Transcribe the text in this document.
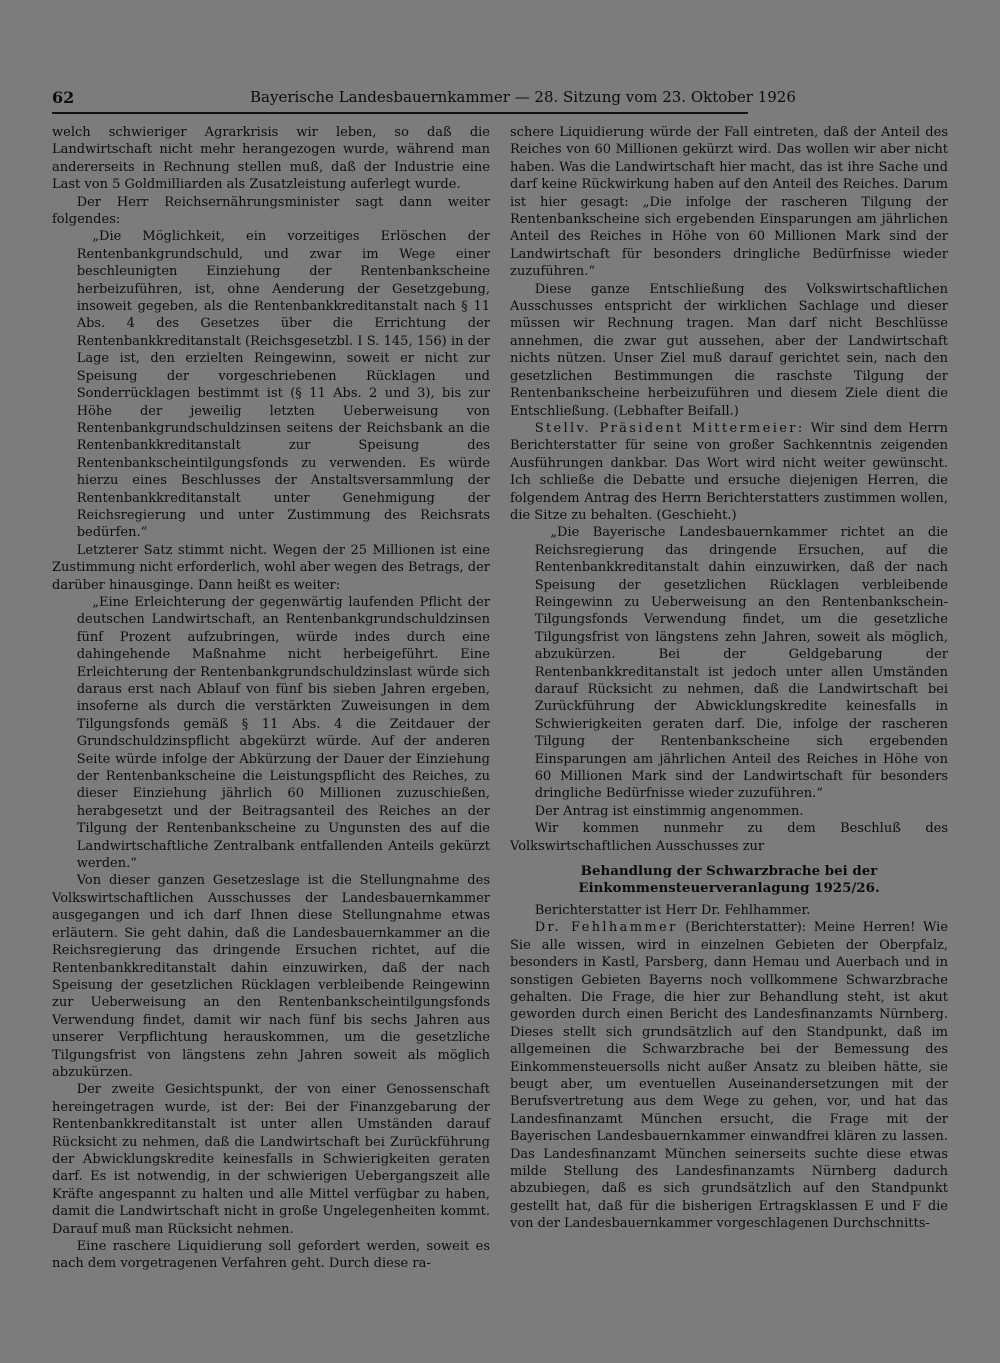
62	Bayerische Landesbauernkammer — 28. Sitzung vom 23. Oktober 1926

welch schwieriger Agrarkrisis wir leben, so daß die Landwirtschaft nicht mehr herangezogen wurde, während man andererseits in Rechnung stellen muß, daß der Industrie eine Last von 5 Goldmilliarden als Zusatzleistung auferlegt wurde.

Der Herr Reichsernährungsminister sagt dann weiter folgendes:

„Die Möglichkeit, ein vorzeitiges Erlöschen der Rentenbankgrundschuld, und zwar im Wege einer beschleunigten Einziehung der Rentenbankscheine herbeizuführen, ist, ohne Aenderung der Gesetzgebung, insoweit gegeben, als die Rentenbankkreditanstalt nach § 11 Abs. 4 des Gesetzes über die Errichtung der Rentenbankkreditanstalt (Reichsgesetzbl. I S. 145, 156) in der Lage ist, den erzielten Reingewinn, soweit er nicht zur Speisung der vorgeschriebenen Rücklagen und Sonderrücklagen bestimmt ist (§ 11 Abs. 2 und 3), bis zur Höhe der jeweilig letzten Ueberweisung von Rentenbankgrundschuldzinsen seitens der Reichsbank an die Rentenbankkreditanstalt zur Speisung des Rentenbankscheintilgungsfonds zu verwenden. Es würde hierzu eines Beschlusses der Anstaltsversammlung der Rentenbankkreditanstalt unter Genehmigung der Reichsregierung und unter Zustimmung des Reichsrats bedürfen.“

Letzterer Satz stimmt nicht. Wegen der 25 Millionen ist eine Zustimmung nicht erforderlich, wohl aber wegen des Betrags, der darüber hinausginge. Dann heißt es weiter:

„Eine Erleichterung der gegenwärtig laufenden Pflicht der deutschen Landwirtschaft, an Rentenbankgrundschuldzinsen fünf Prozent aufzubringen, würde indes durch eine dahingehende Maßnahme nicht herbeigeführt. Eine Erleichterung der Rentenbankgrundschuldzinslast würde sich daraus erst nach Ablauf von fünf bis sieben Jahren ergeben, insoferne als durch die verstärkten Zuweisungen in dem Tilgungsfonds gemäß § 11 Abs. 4 die Zeitdauer der Grundschuldzinspflicht abgekürzt würde. Auf der anderen Seite würde infolge der Abkürzung der Dauer der Einziehung der Rentenbankscheine die Leistungspflicht des Reiches, zu dieser Einziehung jährlich 60 Millionen zuzuschießen, herabgesetzt und der Beitragsanteil des Reiches an der Tilgung der Rentenbankscheine zu Ungunsten des auf die Landwirtschaftliche Zentralbank entfallenden Anteils gekürzt werden.“

Von dieser ganzen Gesetzeslage ist die Stellungnahme des Volkswirtschaftlichen Ausschusses der Landesbauernkammer ausgegangen und ich darf Ihnen diese Stellungnahme etwas erläutern. Sie geht dahin, daß die Landesbauernkammer an die Reichsregierung das dringende Ersuchen richtet, auf die Rentenbankkreditanstalt dahin einzuwirken, daß der nach Speisung der gesetzlichen Rücklagen verbleibende Reingewinn zur Ueberweisung an den Rentenbankscheintilgungsfonds Verwendung findet, damit wir nach fünf bis sechs Jahren aus unserer Verpflichtung herauskommen, um die gesetzliche Tilgungsfrist von längstens zehn Jahren soweit als möglich abzukürzen.

Der zweite Gesichtspunkt, der von einer Genossenschaft hereingetragen wurde, ist der: Bei der Finanzgebarung der Rentenbankkreditanstalt ist unter allen Umständen darauf Rücksicht zu nehmen, daß die Landwirtschaft bei Zurückführung der Abwicklungskredite keinesfalls in Schwierigkeiten geraten darf. Es ist notwendig, in der schwierigen Uebergangszeit alle Kräfte angespannt zu halten und alle Mittel verfügbar zu haben, damit die Landwirtschaft nicht in große Ungelegenheiten kommt. Darauf muß man Rücksicht nehmen.

Eine raschere Liquidierung soll gefordert werden, soweit es nach dem vorgetragenen Verfahren geht. Durch diese ra-

schere Liquidierung würde der Fall eintreten, daß der Anteil des Reiches von 60 Millionen gekürzt wird. Das wollen wir aber nicht haben. Was die Landwirtschaft hier macht, das ist ihre Sache und darf keine Rückwirkung haben auf den Anteil des Reiches. Darum ist hier gesagt: „Die infolge der rascheren Tilgung der Rentenbankscheine sich ergebenden Einsparungen am jährlichen Anteil des Reiches in Höhe von 60 Millionen Mark sind der Landwirtschaft für besonders dringliche Bedürfnisse wieder zuzuführen.“

Diese ganze Entschließung des Volkswirtschaftlichen Ausschusses entspricht der wirklichen Sachlage und dieser müssen wir Rechnung tragen. Man darf nicht Beschlüsse annehmen, die zwar gut aussehen, aber der Landwirtschaft nichts nützen. Unser Ziel muß darauf gerichtet sein, nach den gesetzlichen Bestimmungen die raschste Tilgung der Rentenbankscheine herbeizuführen und diesem Ziele dient die Entschließung. (Lebhafter Beifall.)

Stellv. Präsident Mittermeier: Wir sind dem Herrn Berichterstatter für seine von großer Sachkenntnis zeigenden Ausführungen dankbar. Das Wort wird nicht weiter gewünscht. Ich schließe die Debatte und ersuche diejenigen Herren, die folgendem Antrag des Herrn Berichterstatters zustimmen wollen, die Sitze zu behalten. (Geschieht.)

„Die Bayerische Landesbauernkammer richtet an die Reichsregierung das dringende Ersuchen, auf die Rentenbankkreditanstalt dahin einzuwirken, daß der nach Speisung der gesetzlichen Rücklagen verbleibende Reingewinn zu Ueberweisung an den Rentenbankschein-Tilgungsfonds Verwendung findet, um die gesetzliche Tilgungsfrist von längstens zehn Jahren, soweit als möglich, abzukürzen. Bei der Geldgebarung der Rentenbankkreditanstalt ist jedoch unter allen Umständen darauf Rücksicht zu nehmen, daß die Landwirtschaft bei Zurückführung der Abwicklungskredite keinesfalls in Schwierigkeiten geraten darf. Die, infolge der rascheren Tilgung der Rentenbankscheine sich ergebenden Einsparungen am jährlichen Anteil des Reiches in Höhe von 60 Millionen Mark sind der Landwirtschaft für besonders dringliche Bedürfnisse wieder zuzuführen.“

Der Antrag ist einstimmig angenommen.

Wir kommen nunmehr zu dem Beschluß des Volkswirtschaftlichen Ausschusses zur

Behandlung der Schwarzbrache bei der Einkommensteuerveranlagung 1925/26.

Berichterstatter ist Herr Dr. Fehlhammer.

Dr. Fehlhammer (Berichterstatter): Meine Herren! Wie Sie alle wissen, wird in einzelnen Gebieten der Oberpfalz, besonders in Kastl, Parsberg, dann Hemau und Auerbach und in sonstigen Gebieten Bayerns noch vollkommene Schwarzbrache gehalten. Die Frage, die hier zur Behandlung steht, ist akut geworden durch einen Bericht des Landesfinanzamts Nürnberg. Dieses stellt sich grundsätzlich auf den Standpunkt, daß im allgemeinen die Schwarzbrache bei der Bemessung des Einkommensteuersolls nicht außer Ansatz zu bleiben hätte, sie beugt aber, um eventuellen Auseinandersetzungen mit der Berufsvertretung aus dem Wege zu gehen, vor, und hat das Landesfinanzamt München ersucht, die Frage mit der Bayerischen Landesbauernkammer einwandfrei klären zu lassen. Das Landesfinanzamt München seinerseits suchte diese etwas milde Stellung des Landesfinanzamts Nürnberg dadurch abzubiegen, daß es sich grundsätzlich auf den Standpunkt gestellt hat, daß für die bisherigen Ertragsklassen E und F die von der Landesbauernkammer vorgeschlagenen Durchschnitts-
